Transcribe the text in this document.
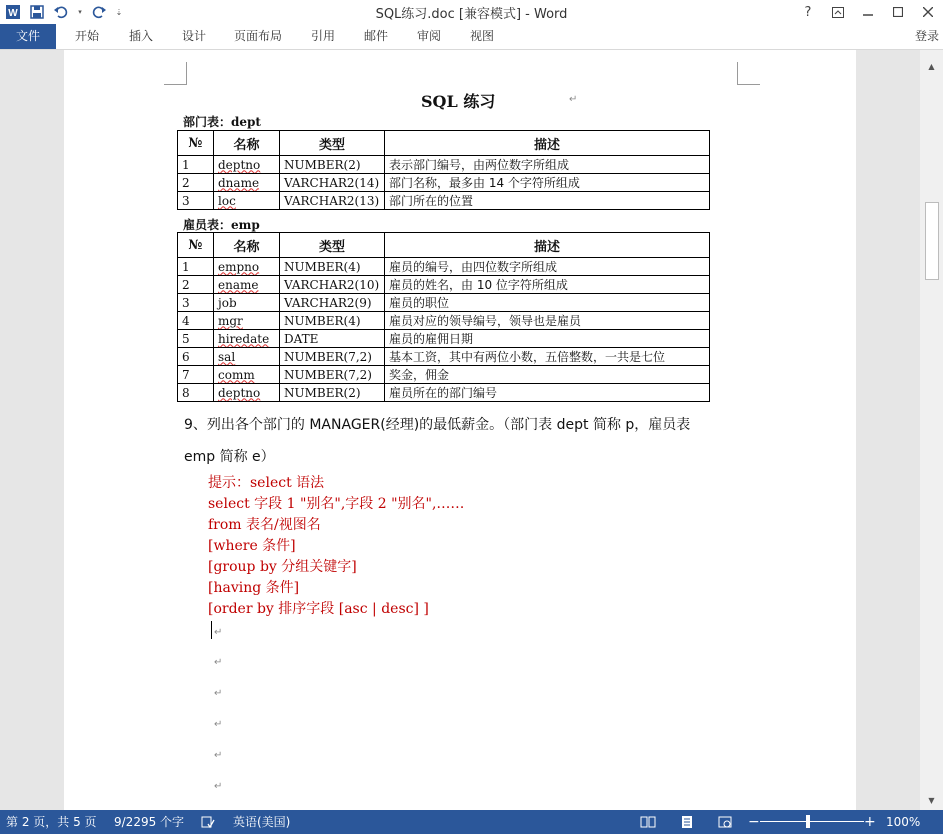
W	▾	⇣	SQL练习.doc [兼容模式] - Word	?
文件	开始	插入	设计	页面布局	引用	邮件	审阅	视图	登录
SQL 练习	↵
部门表：dept
№	名称	类型	描述
1	deptno	NUMBER(2)	表示部门编号，由两位数字所组成
2	dname	VARCHAR2(14)	部门名称，最多由 14 个字符所组成
3	loc	VARCHAR2(13)	部门所在的位置
雇员表：emp
№	名称	类型	描述
1	empno	NUMBER(4)	雇员的编号，由四位数字所组成
2	ename	VARCHAR2(10)	雇员的姓名，由 10 位字符所组成
3	job	VARCHAR2(9)	雇员的职位
4	mgr	NUMBER(4)	雇员对应的领导编号，领导也是雇员
5	hiredate	DATE	雇员的雇佣日期
6	sal	NUMBER(7,2)	基本工资，其中有两位小数，五倍整数，一共是七位
7	comm	NUMBER(7,2)	奖金，佣金
8	deptno	NUMBER(2)	雇员所在的部门编号
9、列出各个部门的 MANAGER(经理)的最低薪金。（部门表 dept 简称 p，雇员表
emp 简称 e）
提示：select 语法
select 字段 1 "别名",字段 2 "别名",……
from 表名/视图名
[where 条件]
[group by 分组关键字]
[having 条件]
[order by 排序字段 [asc | desc] ]
↵
↵
↵
↵
↵
↵
▲
▼
第 2 页，共 5 页 9/2295 个字	英语(美国)	−	+ 100%
